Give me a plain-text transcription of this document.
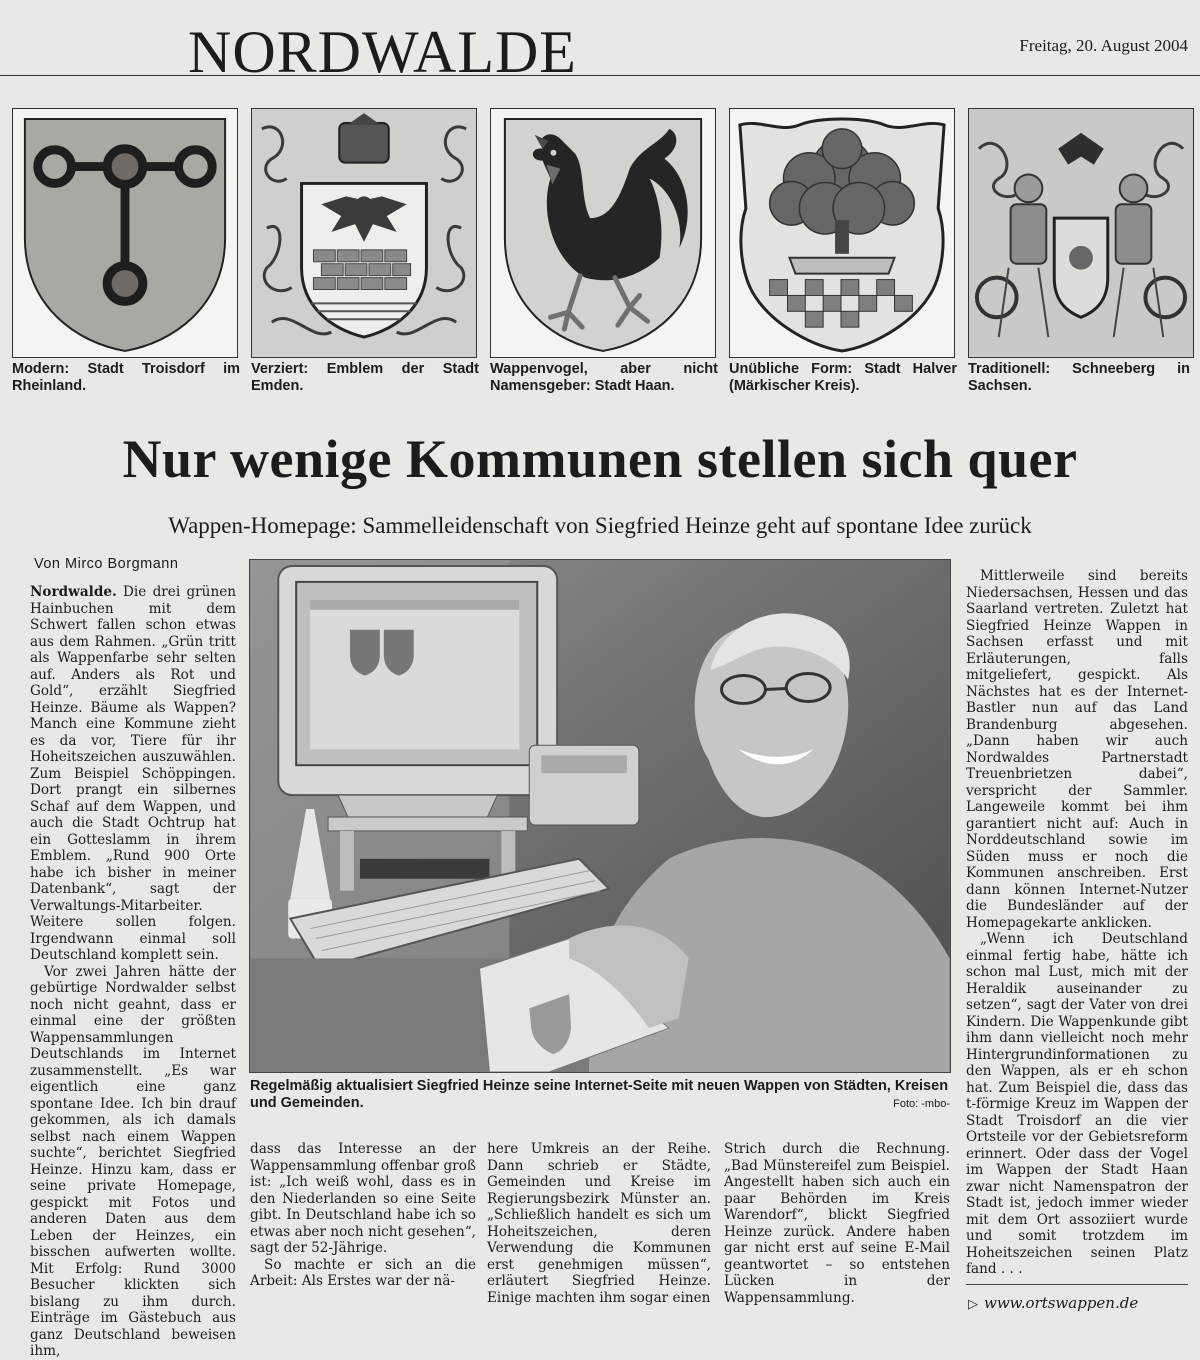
NORDWALDE	Freitag, 20. August 2004
Modern: Stadt Troisdorf im Rheinland.
Verziert: Emblem der Stadt Emden.
Wappenvogel, aber nicht Namensgeber: Stadt Haan.
Unübliche Form: Stadt Halver (Märkischer Kreis).
Traditionell: Schneeberg in Sachsen.
Nur wenige Kommunen stellen sich quer
Wappen-Homepage: Sammelleidenschaft von Siegfried Heinze geht auf spontane Idee zurück
Von Mirco Borgmann

Nordwalde. Die drei grünen Hainbuchen mit dem Schwert fallen schon etwas aus dem Rahmen. „Grün tritt als Wappenfarbe sehr selten auf. Anders als Rot und Gold“, erzählt Siegfried Heinze. Bäume als Wappen? Manch eine Kommune zieht es da vor, Tiere für ihr Hoheitszeichen auszuwählen. Zum Beispiel Schöppingen. Dort prangt ein silbernes Schaf auf dem Wappen, und auch die Stadt Ochtrup hat ein Gotteslamm in ihrem Emblem. „Rund 900 Orte habe ich bisher in meiner Datenbank“, sagt der Verwaltungs-Mitarbeiter. Weitere sollen folgen. Irgendwann einmal soll Deutschland komplett sein.

Vor zwei Jahren hätte der gebürtige Nordwalder selbst noch nicht geahnt, dass er einmal eine der größten Wappensammlungen Deutschlands im Internet zusammenstellt. „Es war eigentlich eine ganz spontane Idee. Ich bin drauf gekommen, als ich damals selbst nach einem Wappen suchte“, berichtet Siegfried Heinze. Hinzu kam, dass er seine private Homepage, gespickt mit Fotos und anderen Daten aus dem Leben der Heinzes, ein bisschen aufwerten wollte. Mit Erfolg: Rund 3000 Besucher klickten sich bislang zu ihm durch. Einträge im Gästebuch aus ganz Deutschland beweisen ihm,

Regelmäßig aktualisiert Siegfried Heinze seine Internet-Seite mit neuen Wappen von Städten, Kreisen und Gemeinden.	Foto: -mbo-

dass das Interesse an der Wappensammlung offenbar groß ist: „Ich weiß wohl, dass es in den Niederlanden so eine Seite gibt. In Deutschland habe ich so etwas aber noch nicht gesehen“, sagt der 52-Jährige.

So machte er sich an die Arbeit: Als Erstes war der nä-

here Umkreis an der Reihe. Dann schrieb er Städte, Gemeinden und Kreise im Regierungsbezirk Münster an. „Schließlich handelt es sich um Hoheitszeichen, deren Verwendung die Kommunen erst genehmigen müssen“, erläutert Siegfried Heinze. Einige machten ihm sogar einen

Strich durch die Rechnung. „Bad Münstereifel zum Beispiel. Angestellt haben sich auch ein paar Behörden im Kreis Warendorf“, blickt Siegfried Heinze zurück. Andere haben gar nicht erst auf seine E-Mail geantwortet – so entstehen Lücken in der Wappensammlung.

Mittlerweile sind bereits Niedersachsen, Hessen und das Saarland vertreten. Zuletzt hat Siegfried Heinze Wappen in Sachsen erfasst und mit Erläuterungen, falls mitgeliefert, gespickt. Als Nächstes hat es der Internet-Bastler nun auf das Land Brandenburg abgesehen. „Dann haben wir auch Nordwaldes Partnerstadt Treuenbrietzen dabei“, verspricht der Sammler. Langeweile kommt bei ihm garantiert nicht auf: Auch in Norddeutschland sowie im Süden muss er noch die Kommunen anschreiben. Erst dann können Internet-Nutzer die Bundesländer auf der Homepagekarte anklicken.

„Wenn ich Deutschland einmal fertig habe, hätte ich schon mal Lust, mich mit der Heraldik auseinander zu setzen“, sagt der Vater von drei Kindern. Die Wappenkunde gibt ihm dann vielleicht noch mehr Hintergrundinformationen zu den Wappen, als er eh schon hat. Zum Beispiel die, dass das t-förmige Kreuz im Wappen der Stadt Troisdorf an die vier Ortsteile vor der Gebietsreform erinnert. Oder dass der Vogel im Wappen der Stadt Haan zwar nicht Namenspatron der Stadt ist, jedoch immer wieder mit dem Ort assoziiert wurde und somit trotzdem im Hoheitszeichen seinen Platz fand . . .

▷ www.ortswappen.de
